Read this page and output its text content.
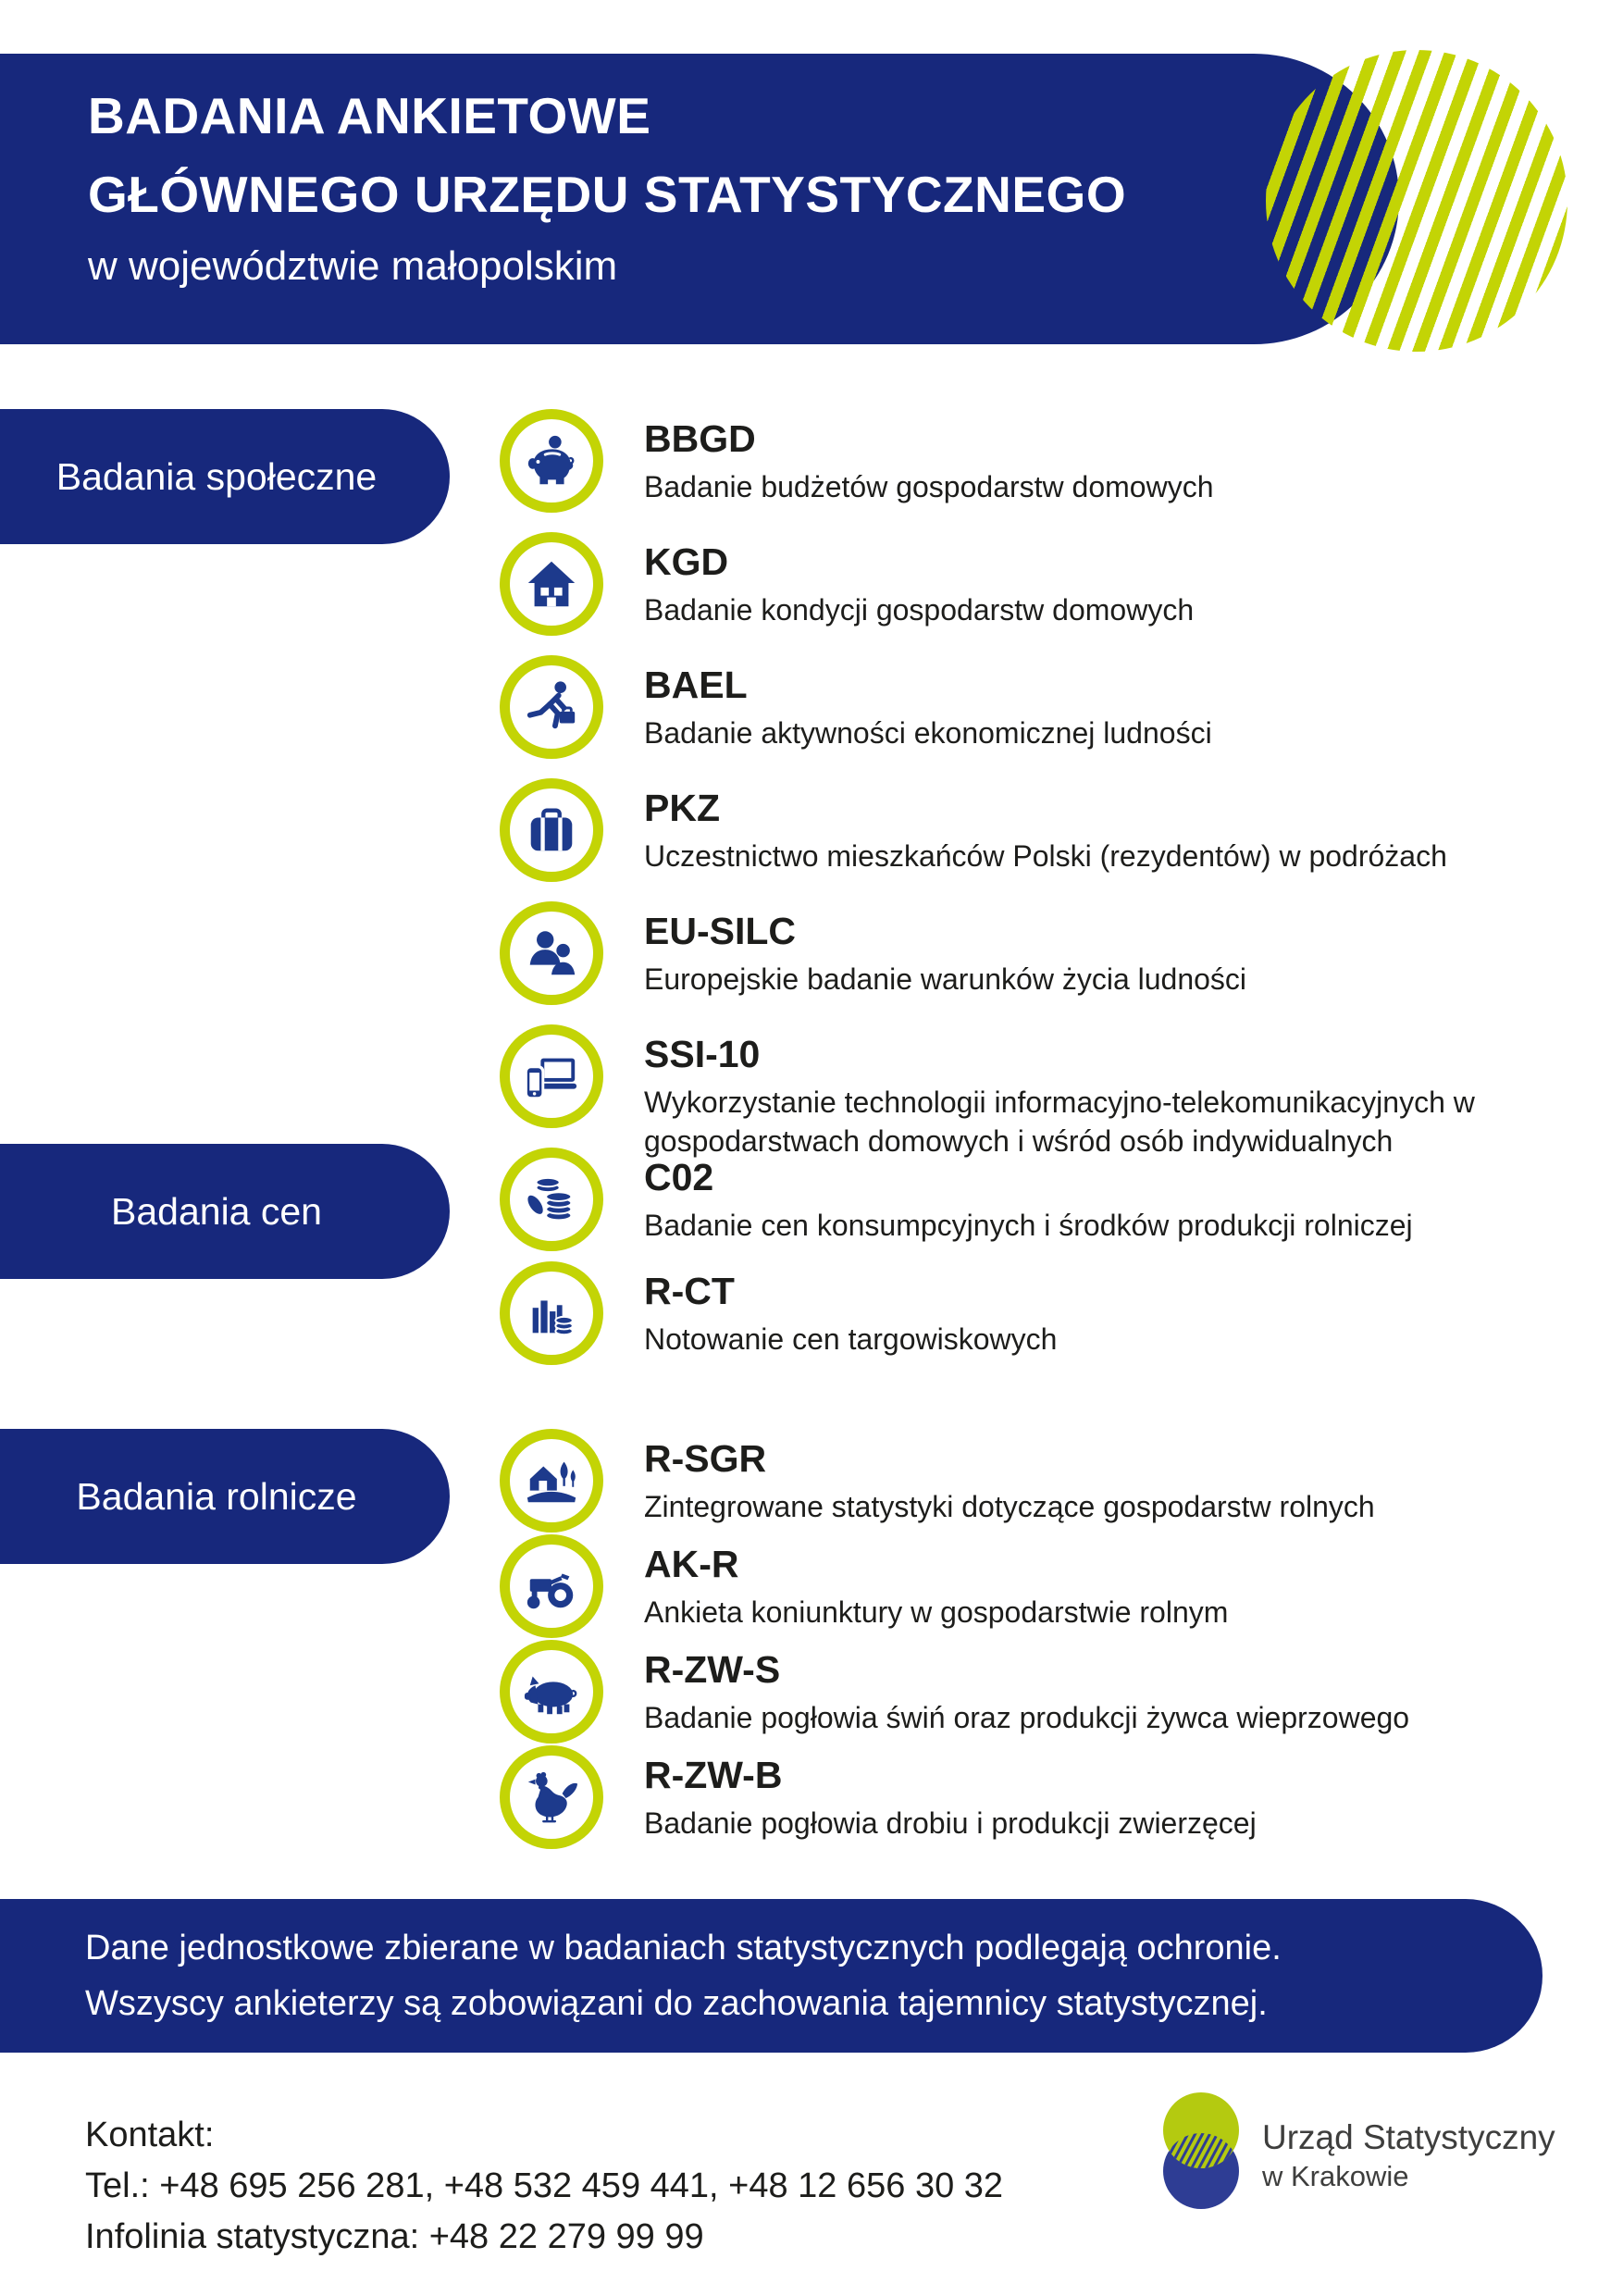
BADANIA ANKIETOWE
GŁÓWNEGO URZĘDU STATYSTYCZNEGO
w województwie małopolskim
Badania społeczne
BBGD
Badanie budżetów gospodarstw domowych
KGD
Badanie kondycji gospodarstw domowych
BAEL
Badanie aktywności ekonomicznej ludności
PKZ
Uczestnictwo mieszkańców Polski (rezydentów) w podróżach
EU-SILC
Europejskie badanie warunków życia ludności
SSI-10
Wykorzystanie technologii informacyjno-telekomunikacyjnych w gospodarstwach domowych i wśród osób indywidualnych
Badania cen
C02
Badanie cen konsumpcyjnych i środków produkcji rolniczej
R-CT
Notowanie cen targowiskowych
Badania rolnicze
R-SGR
Zintegrowane statystyki dotyczące gospodarstw rolnych
AK-R
Ankieta koniunktury w gospodarstwie rolnym
R-ZW-S
Badanie pogłowia świń oraz produkcji żywca wieprzowego
R-ZW-B
Badanie pogłowia drobiu i produkcji zwierzęcej
Dane jednostkowe zbierane w badaniach statystycznych podlegają ochronie.
Wszyscy ankieterzy są zobowiązani do zachowania tajemnicy statystycznej.
Kontakt:
Tel.: +48 695 256 281, +48 532 459 441, +48 12 656 30 32
Infolinia statystyczna: +48 22 279 99 99
Urząd Statystyczny
w Krakowie
